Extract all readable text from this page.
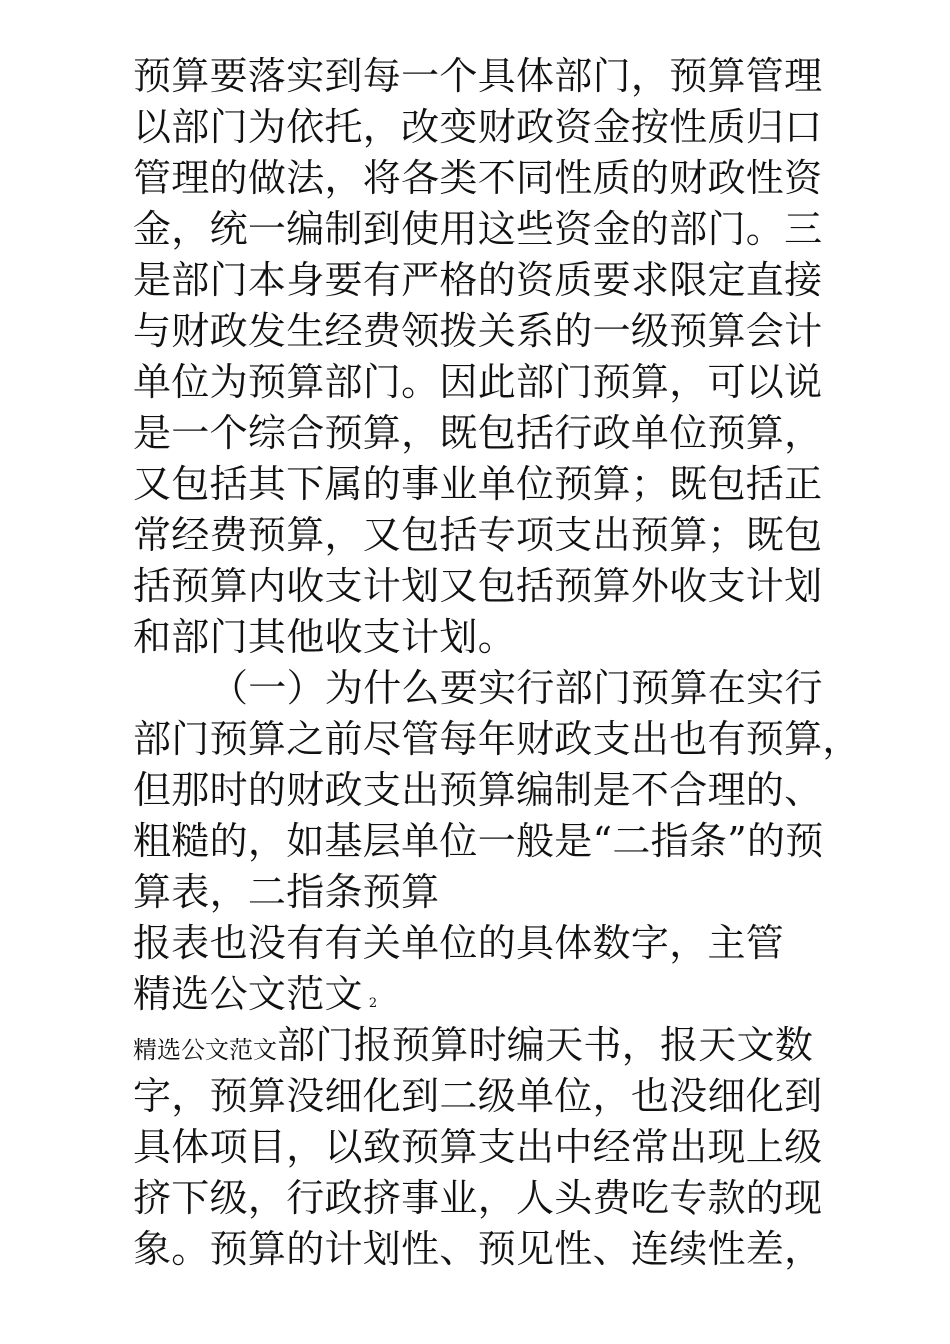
预算要落实到每一个具体部门，预算管理
以部门为依托，改变财政资金按性质归口
管理的做法，将各类不同性质的财政性资
金，统一编制到使用这些资金的部门。三
是部门本身要有严格的资质要求限定直接
与财政发生经费领拨关系的一级预算会计
单位为预算部门。因此部门预算，可以说
是一个综合预算，既包括行政单位预算，
又包括其下属的事业单位预算；既包括正
常经费预算，又包括专项支出预算；既包
括预算内收支计划又包括预算外收支计划
和部门其他收支计划。
（一）为什么要实行部门预算在实行
部门预算之前尽管每年财政支出也有预算，
但那时的财政支出预算编制是不合理的、
粗糙的，如基层单位一般是“二指条”的预
算表，二指条预算
报表也没有有关单位的具体数字，主管
精选公文范文 2
精选公文范文部门报预算时编天书，报天文数
字，预算没细化到二级单位，也没细化到
具体项目，以致预算支出中经常出现上级
挤下级，行政挤事业，人头费吃专款的现
象。预算的计划性、预见性、连续性差，
